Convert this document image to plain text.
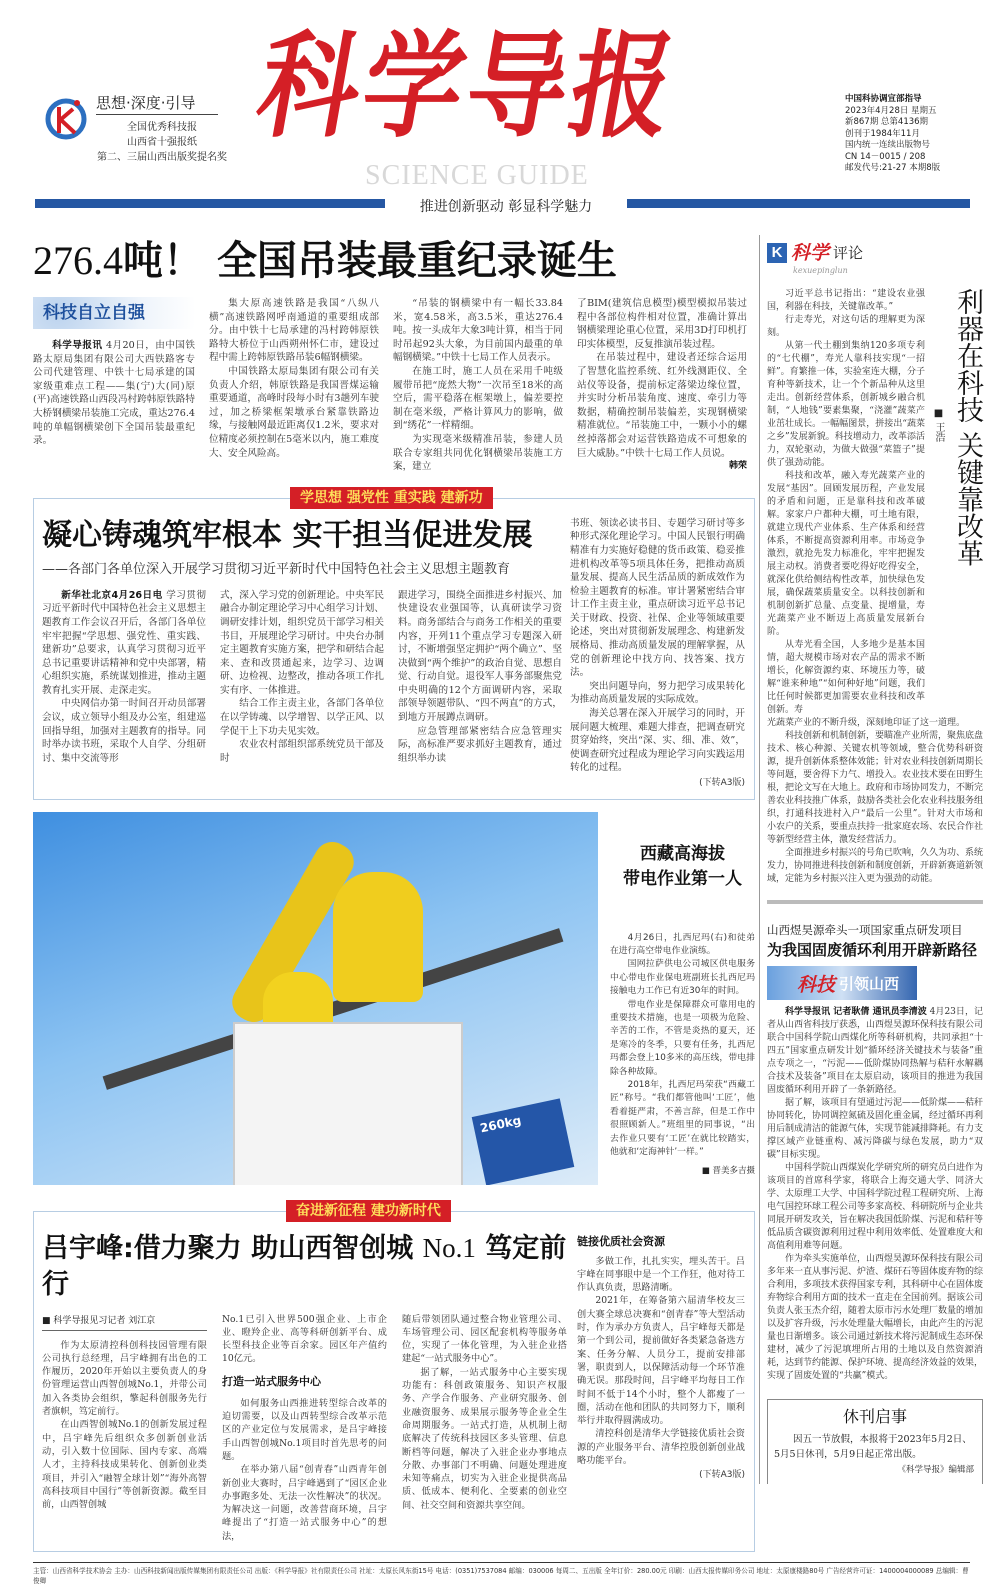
思想·深度·引导
全国优秀科技报
山西省十强报纸
第二、三届山西出版奖提名奖
科学导报
SCIENCE GUIDE
中国科协调宣部指导
2023年4月28日 星期五
新867期 总第4136期
创刊于1984年11月
国内统一连续出版物号
CN 14－0015 / 208
邮发代号:21-27 本期8版
推进创新驱动 彰显科学魅力
276.4吨！ 全国吊装最重纪录诞生
科技自立自强

科学导报讯 4月20日，由中国铁路太原局集团有限公司大西铁路客专公司代建管理、中铁十七局承建的国家级重难点工程——集(宁)大(同)原(平)高速铁路山西段冯村跨韩原铁路特大桥钢横梁吊装施工完成，重达276.4吨的单幅钢横梁创下全国吊装最重纪录。

集大原高速铁路是我国“八纵八横”高速铁路网呼南通道的重要组成部分。由中铁十七局承建的冯村跨韩原铁路特大桥位于山西朔州怀仁市，建设过程中需上跨韩原铁路吊装6幅钢横梁。

中国铁路太原局集团有限公司有关负责人介绍，韩原铁路是我国晋煤运输重要通道，高峰时段每小时有3趟列车驶过，加之桥梁框架墩承台紧靠铁路边缘，与接触网最近距离仅1.2米，要求对位精度必须控制在5毫米以内，施工难度大、安全风险高。

“吊装的钢横梁中有一幅长33.84米，宽4.58米，高3.5米，重达276.4吨。按一头成年大象3吨计算，相当于同时吊起92头大象，为目前国内最重的单幅钢横梁。”中铁十七局工作人员表示。

在施工时，施工人员在采用千吨级履带吊把“庞然大物”一次吊至18米的高空后，需平稳落在框架墩上，偏差要控制在毫米级，严格计算风力的影响，做到“绣花”一样精细。

为实现毫米级精准吊装，参建人员联合专家组共同优化钢横梁吊装施工方案，建立

了BIM(建筑信息模型)模型模拟吊装过程中各部位构件相对位置，准确计算出钢横梁理论重心位置，采用3D打印机打印实体模型，反复推演吊装过程。

在吊装过程中，建设者还综合运用了智慧化监控系统、红外线测距仪、全站仪等设备，提前标定落梁边缘位置，并实时分析吊装角度、速度、牵引力等数据，精确控制吊装偏差，实现钢横梁精准就位。“吊装施工中，一颗小小的螺丝掉落都会对运营铁路造成不可想象的巨大威胁。”中铁十七局工作人员说。

韩荣
学思想 强党性 重实践 建新功
凝心铸魂筑牢根本 实干担当促进发展
——各部门各单位深入开展学习贯彻习近平新时代中国特色社会主义思想主题教育

新华社北京4月26日电 学习贯彻习近平新时代中国特色社会主义思想主题教育工作会议召开后，各部门各单位牢牢把握“学思想、强党性、重实践、建新功”总要求，认真学习贯彻习近平总书记重要讲话精神和党中央部署，精心组织实施，系统谋划推进，推动主题教育扎实开展、走深走实。

中央网信办第一时间召开动员部署会议，成立领导小组及办公室，组建巡回指导组，加强对主题教育的指导。同时举办读书班，采取个人自学、分组研讨、集中交流等形

式，深入学习党的创新理论。中央军民融合办制定理论学习中心组学习计划、调研安排计划，组织党员干部学习相关书目，开展理论学习研讨。中央台办制定主题教育实施方案，把学和研结合起来、查和改贯通起来，边学习、边调研、边检视、边整改，推动各项工作扎实有序、一体推进。

结合工作主责主业，各部门各单位在以学铸魂、以学增智、以学正风、以学促干上下功夫见实效。

农业农村部组织部系统党员干部及时

跟进学习，围绕全面推进乡村振兴、加快建设农业强国等，认真研读学习资料。商务部结合与商务工作相关的重要内容，开列11个重点学习专题深入研讨，不断增强坚定拥护“两个确立”、坚决做到“两个维护”的政治自觉、思想自觉、行动自觉。退役军人事务部聚焦党中央明确的12个方面调研内容，采取部领导领题带队、“四不两直”的方式，到地方开展蹲点调研。

应急管理部紧密结合应急管理实际，高标准严要求抓好主题教育，通过组织举办读

书班、领读必读书目、专题学习研讨等多种形式深化理论学习。中国人民银行明确精准有力实施好稳健的货币政策、稳妥推进机构改革等5项具体任务，把推动高质量发展、提高人民生活品质的新成效作为检验主题教育的标准。审计署紧密结合审计工作主责主业，重点研读习近平总书记关于财政、投资、社保、企业等领域重要论述，突出对贯彻新发展理念、构建新发展格局、推动高质量发展的理解掌握，从党的创新理论中找方向、找答案、找方法。

突出问题导向，努力把学习成果转化为推动高质量发展的实际成效。

海关总署在深入开展学习的同时，开展问题大梳理、难题大排查，把调查研究贯穿始终，突出“深、实、细、准、效”，使调查研究过程成为理论学习向实践运用转化的过程。

(下转A3版)
260kg
西藏高海拔
带电作业第一人

4月26日，扎西尼玛(右)和徒弟在进行高空带电作业演练。

国网拉萨供电公司城区供电服务中心带电作业保电班副班长扎西尼玛接触电力工作已有近30年的时间。

带电作业是保障群众可靠用电的重要技术措施，也是一项极为危险、辛苦的工作，不管是炎热的夏天，还是寒冷的冬季，只要有任务，扎西尼玛都会登上10多米的高压线，带电排除各种故障。

2018年，扎西尼玛荣获“西藏工匠”称号。“我们都管他叫‘工匠’，他看着挺严肃，不善言辞，但是工作中很照顾新人。”班组里的同事说，“出去作业只要有‘工匠’在就比较踏实，他就和‘定海神针’一样。”

■ 晋美多吉摄
奋进新征程 建功新时代
吕宇峰:借力聚力 助山西智创城 No.1 笃定前行
■ 科学导报见习记者 刘江京

作为太原清控科创科技园管理有限公司执行总经理，吕宇峰拥有出色的工作履历，2020年开始以主要负责人的身份管理运营山西智创城No.1，并带公司加入各类协会组织，擎起科创服务先行者旗帜，笃定前行。

在山西智创城No.1的创新发展过程中，吕宇峰先后组织众多创新创业活动，引入数十位国际、国内专家、高端人才，主持科技成果转化、创新创业类项目，并引入“融智全球计划”“海外高智高科技项目中国行”等创新资源。截至目前，山西智创城

No.1已引入世界500强企业、上市企业、瞪羚企业、高等科研创新平台、成长型科技企业等百余家。园区年产值约10亿元。

打造一站式服务中心

如何服务山西推进转型综合改革的迫切需要，以及山西转型综合改革示范区的产业定位与发展需求，是吕宇峰接手山西智创城No.1项目时首先思考的问题。

在举办第八届“创青春”山西青年创新创业大赛时，吕宇峰遇到了“园区企业办事跑多处、无法一次性解决”的状况。为解决这一问题，改善营商环境，吕宇峰提出了“打造一站式服务中心”的想法，

随后带领团队通过整合物业管理公司、车场管理公司、园区配套机构等服务单位，实现了一体化管理，为入驻企业搭建起“一站式服务中心”。

据了解，一站式服务中心主要实现功能有：科创政策服务、知识产权服务、产学合作服务、产业研究服务、创业融资服务、成果展示服务等企业全生命周期服务。一站式打造，从机制上彻底解决了传统科技园区多头管理、信息断档等问题，解决了入驻企业办事地点分散、办事部门不明确、问题处理进度未知等痛点，切实为入驻企业提供高品质、低成本、便利化、全要素的创业空间、社交空间和资源共享空间。

链接优质社会资源

多做工作，扎扎实实，埋头苦干。吕宇峰在同事眼中是一个工作狂，他对待工作认真负责，思路清晰。

2021年，在筹备第六届清华校友三创大赛全球总决赛和“创青春”等大型活动时，作为承办方负责人，吕宇峰每天都是第一个到公司，提前做好各类紧急备选方案、任务分解、人员分工，提前安排部署，职责到人，以保障活动每一个环节准确无误。那段时间，吕宇峰平均每日工作时间不低于14个小时，整个人都瘦了一圈，活动在他和团队的共同努力下，顺利举行并取得圆满成功。

清控科创是清华大学链接优质社会资源的产业服务平台、清华控股创新创业战略功能平台。

(下转A3版)
K 科学 评论
kexuepinglun

习近平总书记指出：“建设农业强国，利器在科技，关键靠改革。”

行走寿光，对这句话的理解更为深刻。

从第一代土棚到集纳120多项专利的“七代棚”，寿光人靠科技实现“一招鲜”。育繁推一体，实验室连大棚，分子育种等新技术，让一个个新品种从这里走出。创新经营体系，创新城乡融合机制，“人地钱”要素集聚，“浇灌”蔬菜产业茁壮成长。一幅幅图景，拼接出“蔬菜之乡”发展新貌。科技增动力，改革添活力，双轮驱动，为做大做强“菜篮子”提供了强劲动能。

科技和改革，融入寿光蔬菜产业的发展“基因”。回顾发展历程，产业发展的矛盾和问题，正是靠科技和改革破解。家家户户都种大棚，可土地有限，就建立现代产业体系、生产体系和经营体系，不断提高资源利用率。市场竞争激烈，就抢先发力标准化，牢牢把握发展主动权。消费者要吃得好吃得安全，就深化供给侧结构性改革，加快绿色发展，确保蔬菜质量安全。以科技创新和机制创新扩总量、点变量、提增量，寿光蔬菜产业不断迈上高质量发展新台阶。

从寿光看全国，人多地少是基本国情，超大规模市场对农产品的需求不断增长，化解资源约束、环境压力等，破解“谁来种地”“如何种好地”问题，我们比任何时候都更加需要农业科技和改革创新。寿

■ 王浩
利器在科技 关键靠改革

光蔬菜产业的不断升级，深刻地印证了这一道理。

科技创新和机制创新，要瞄准产业所需，聚焦底盘技术、核心种源、关键农机等领域，整合优势科研资源，提升创新体系整体效能；针对农业科技创新周期长等问题，要舍得下力气、增投入。农业技术要在田野生根，把论文写在大地上。政府和市场协同发力，不断完善农业科技推广体系，鼓励各类社会化农业科技服务组织，打通科技进村入户“最后一公里”。针对大市场和小农户的关系，要重点扶持一批家庭农场、农民合作社等新型经营主体，激发经营活力。

全面推进乡村振兴的号角已吹响，久久为功、系统发力，协同推进科技创新和制度创新，开辟新赛道新领域，定能为乡村振兴注入更为强劲的动能。

山西煜昊源牵头一项国家重点研发项目
为我国固废循环利用开辟新路径
科技 引领山西

科学导报讯 记者耿倩 通讯员李清波 4月23日，记者从山西省科技厅获悉，山西煜昊源环保科技有限公司联合中国科学院山西煤化所等科研机构，共同承担“十四五”国家重点研发计划“循环经济关键技术与装备”重点专项之一，“污泥——低阶煤协同热解与秸秆水解耦合技术及装备”项目在太原启动，该项目的推进为我国固废循环利用开辟了一条新路径。

据了解，该项目有望通过污泥——低阶煤——秸秆协同转化，协同调控氮硫及固化重金属，经过循环再利用后制成清洁的能源气体，实现节能减排降耗。有力支撑区域产业链重构、减污降碳与绿色发展，助力“双碳”目标实现。

中国科学院山西煤炭化学研究所的研究员白进作为该项目的首席科学家，将联合上海交通大学、同济大学、太原理工大学、中国科学院过程工程研究所、上海电气国控环球工程公司等多家高校、科研院所与企业共同展开研发攻关，旨在解决我国低阶煤、污泥和秸秆等低品质含碳资源利用过程中利用效率低、处置难度大和高值利用难等问题。

作为牵头实施单位，山西煜昊源环保科技有限公司多年来一直从事污泥、炉渣、煤矸石等固体废弃物的综合利用，多项技术获得国家专利，其科研中心在固体废弃物综合利用方面的技术一直走在全国前列。据该公司负责人张玉杰介绍，随着太原市污水处理厂数量的增加以及扩容升级，污水处理量大幅增长，由此产生的污泥量也日渐增多。该公司通过新技术将污泥制成生态环保建材，减少了污泥填埋所占用的土地以及自然资源消耗，达到节约能源、保护环境、提高经济效益的效果，实现了固废处置的“共赢”模式。

休刊启事
因五一节放假，本报将于2023年5月2日、5月5日休刊，5月9日起正常出版。
《科学导报》编辑部
主管：山西省科学技术协会 主办：山西科技新闻出版传媒集团有限责任公司 出版：《科学导报》社有限责任公司 社址：太原长风东街15号 电话：(0351)7537084 邮编：030006 每周二、五出版 全年订价：280.00元 印刷：山西太报传媒印务公司 地址：太原康楼路80号 广告经营许可证：1400004000089 总编辑：曹俊卿
